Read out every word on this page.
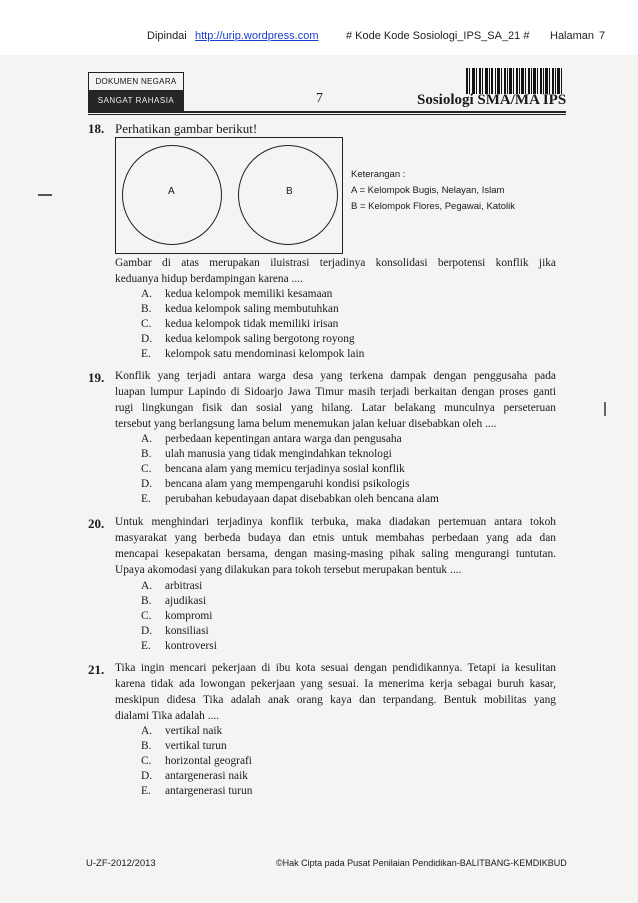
Dipindai http://urip.wordpress.com	# Kode Kode Sosiologi_IPS_SA_21 # Halaman 7
DOKUMEN NEGARA
SANGAT RAHASIA	7	Sosiologi SMA/MA IPS
18. Perhatikan gambar berikut!
A	B
Keterangan :
A = Kelompok Bugis, Nelayan, Islam
B = Kelompok Flores, Pegawai, Katolik
Gambar di atas merupakan iluistrasi terjadinya konsolidasi berpotensi konflik jika
keduanya hidup berdampingan karena ....
A.	kedua kelompok memiliki kesamaan
B.	kedua kelompok saling membutuhkan
C.	kedua kelompok tidak memiliki irisan
D.	kedua kelompok saling bergotong royong
E.	kelompok satu mendominasi kelompok lain
19. Konflik yang terjadi antara warga desa yang terkena dampak dengan penggusaha pada
luapan lumpur Lapindo di Sidoarjo Jawa Timur masih terjadi berkaitan dengan proses ganti
rugi lingkungan fisik dan sosial yang hilang. Latar belakang munculnya perseteruan
tersebut yang berlangsung lama belum menemukan jalan keluar disebabkan oleh ....
A.	perbedaan kepentingan antara warga dan pengusaha
B.	ulah manusia yang tidak mengindahkan teknologi
C.	bencana alam yang memicu terjadinya sosial konflik
D.	bencana alam yang mempengaruhi kondisi psikologis
E.	perubahan kebudayaan dapat disebabkan oleh bencana alam
20. Untuk menghindari terjadinya konflik terbuka, maka diadakan pertemuan antara tokoh
masyarakat yang berbeda budaya dan etnis untuk membahas perbedaan yang ada dan
mencapai kesepakatan bersama, dengan masing-masing pihak saling mengurangi tuntutan.
Upaya akomodasi yang dilakukan para tokoh tersebut merupakan bentuk ....
A.	arbitrasi
B.	ajudikasi
C.	kompromi
D.	konsiliasi
E.	kontroversi
21. Tika ingin mencari pekerjaan di ibu kota sesuai dengan pendidikannya. Tetapi ia kesulitan
karena tidak ada lowongan pekerjaan yang sesuai. Ia menerima kerja sebagai buruh kasar,
meskipun didesa Tika adalah anak orang kaya dan terpandang. Bentuk mobilitas yang
dialami Tika adalah ....
A.	vertikal naik
B.	vertikal turun
C.	horizontal geografi
D.	antargenerasi naik
E.	antargenerasi turun
U-ZF-2012/2013	©Hak Cipta pada Pusat Penilaian Pendidikan-BALITBANG-KEMDIKBUD
